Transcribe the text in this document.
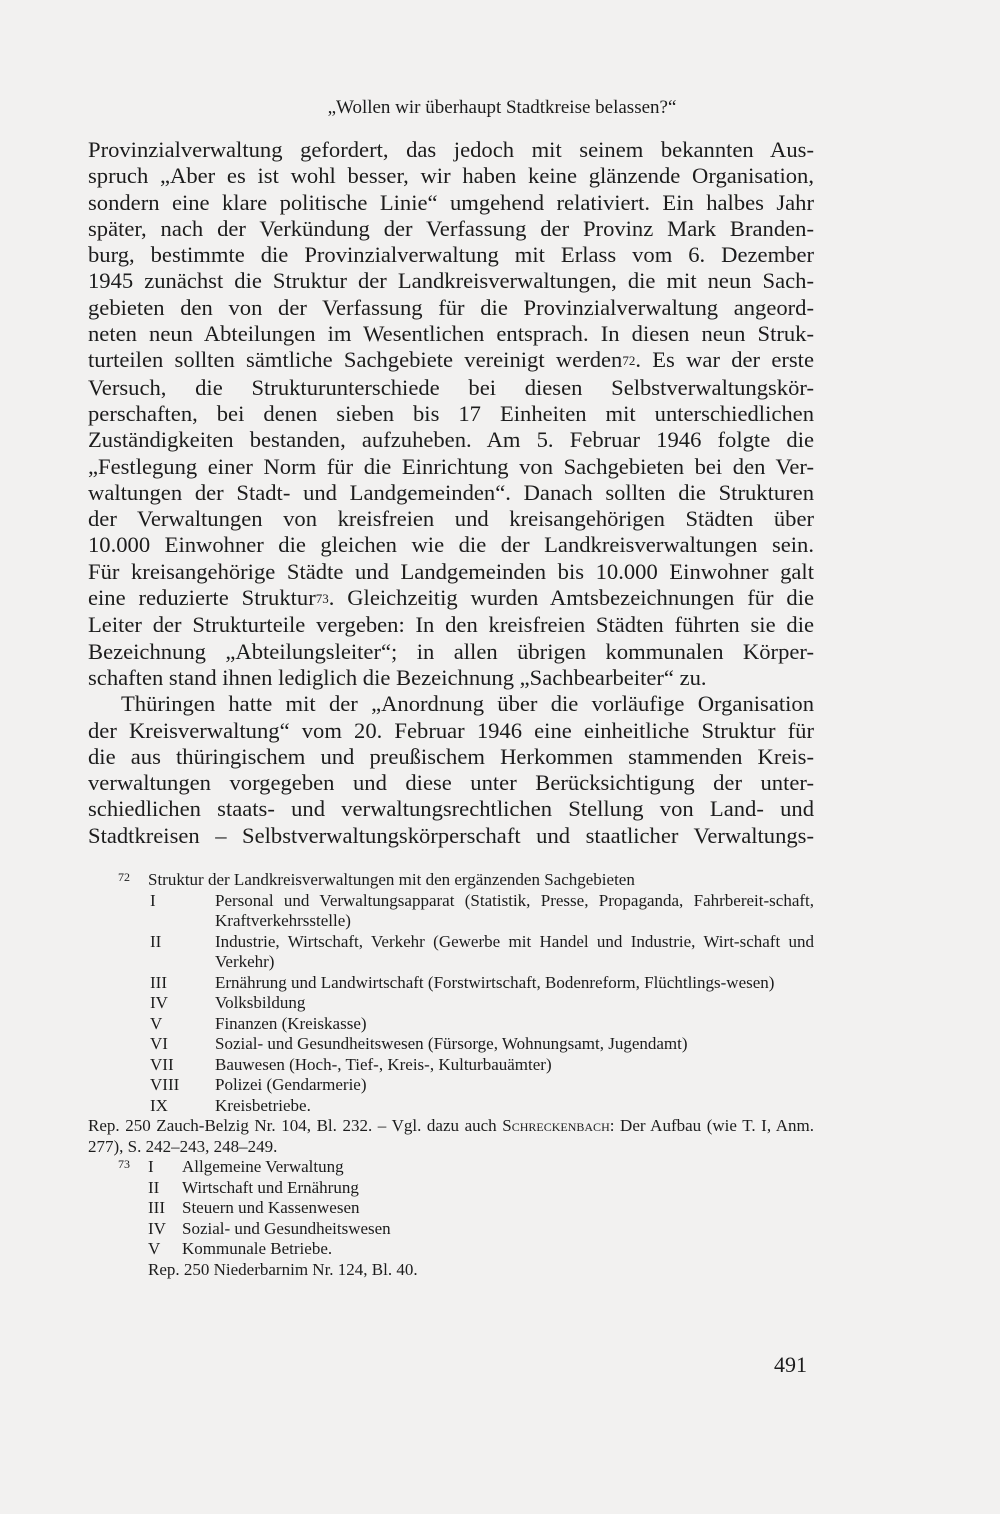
„Wollen wir überhaupt Stadtkreise belassen?“

Provinzialverwaltung gefordert, das jedoch mit seinem bekannten Aus-
spruch „Aber es ist wohl besser, wir haben keine glänzende Organisation,
sondern eine klare politische Linie“ umgehend relativiert. Ein halbes Jahr
später, nach der Verkündung der Verfassung der Provinz Mark Branden-
burg, bestimmte die Provinzialverwaltung mit Erlass vom 6. Dezember
1945 zunächst die Struktur der Landkreisverwaltungen, die mit neun Sach-
gebieten den von der Verfassung für die Provinzialverwaltung angeord-
neten neun Abteilungen im Wesentlichen entsprach. In diesen neun Struk-
turteilen sollten sämtliche Sachgebiete vereinigt werden72. Es war der erste
Versuch, die Strukturunterschiede bei diesen Selbstverwaltungskör-
perschaften, bei denen sieben bis 17 Einheiten mit unterschiedlichen
Zuständigkeiten bestanden, aufzuheben. Am 5. Februar 1946 folgte die
„Festlegung einer Norm für die Einrichtung von Sachgebieten bei den Ver-
waltungen der Stadt- und Landgemeinden“. Danach sollten die Strukturen
der Verwaltungen von kreisfreien und kreisangehörigen Städten über
10.000 Einwohner die gleichen wie die der Landkreisverwaltungen sein.
Für kreisangehörige Städte und Landgemeinden bis 10.000 Einwohner galt
eine reduzierte Struktur73. Gleichzeitig wurden Amtsbezeichnungen für die
Leiter der Strukturteile vergeben: In den kreisfreien Städten führten sie die
Bezeichnung „Abteilungsleiter“; in allen übrigen kommunalen Körper-
schaften stand ihnen lediglich die Bezeichnung „Sachbearbeiter“ zu.

Thüringen hatte mit der „Anordnung über die vorläufige Organisation
der Kreisverwaltung“ vom 20. Februar 1946 eine einheitliche Struktur für
die aus thüringischem und preußischem Herkommen stammenden Kreis-
verwaltungen vorgegeben und diese unter Berücksichtigung der unter-
schiedlichen staats- und verwaltungsrechtlichen Stellung von Land- und
Stadtkreisen – Selbstverwaltungskörperschaft und staatlicher Verwaltungs-

72 Struktur der Landkreisverwaltungen mit den ergänzenden Sachgebieten
I	Personal und Verwaltungsapparat (Statistik, Presse, Propaganda, Fahrbereit-schaft, Kraftverkehrsstelle)
II	Industrie, Wirtschaft, Verkehr (Gewerbe mit Handel und Industrie, Wirt-schaft und Verkehr)
III	Ernährung und Landwirtschaft (Forstwirtschaft, Bodenreform, Flüchtlings-wesen)
IV	Volksbildung
V	Finanzen (Kreiskasse)
VI	Sozial- und Gesundheitswesen (Fürsorge, Wohnungsamt, Jugendamt)
VII Bauwesen (Hoch-, Tief-, Kreis-, Kulturbauämter)
VIII Polizei (Gendarmerie)
IX	Kreisbetriebe.

Rep. 250 Zauch-Belzig Nr. 104, Bl. 232. – Vgl. dazu auch Schreckenbach: Der Aufbau (wie T. I, Anm. 277), S. 242–243, 248–249.

73 I Allgemeine Verwaltung
II Wirtschaft und Ernährung
III Steuern und Kassenwesen
IV Sozial- und Gesundheitswesen
V Kommunale Betriebe.
Rep. 250 Niederbarnim Nr. 124, Bl. 40.
491
